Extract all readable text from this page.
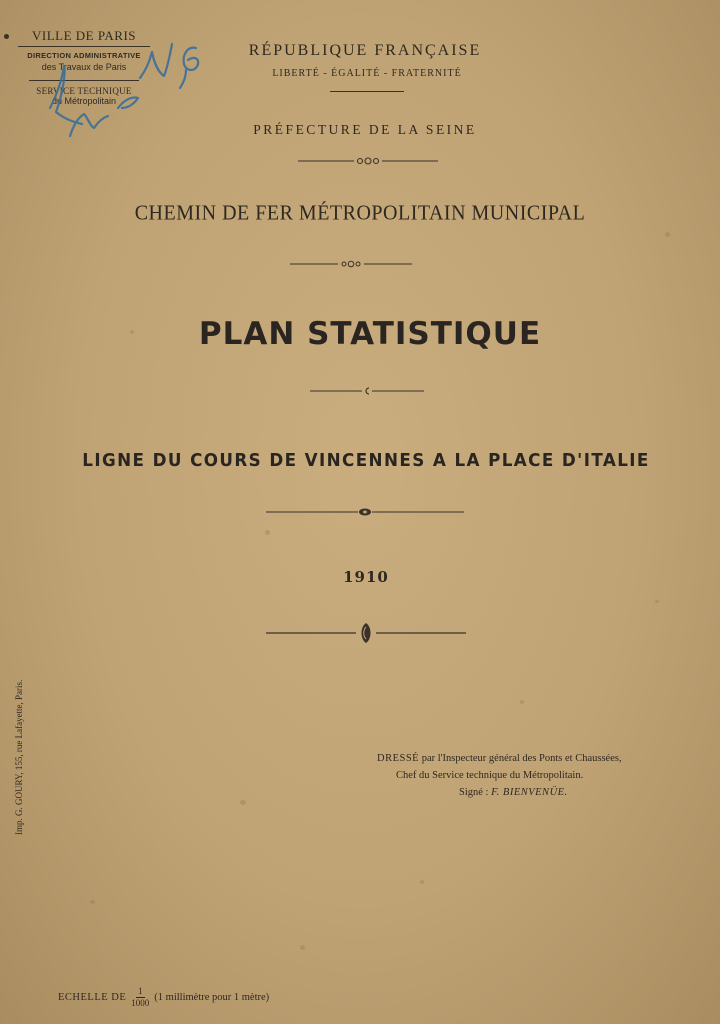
VILLE DE PARIS
DIRECTION ADMINISTRATIVE
des Travaux de Paris
SERVICE TECHNIQUE
du Métropolitain
Ligne n° 6
RÉPUBLIQUE FRANÇAISE
LIBERTÉ - ÉGALITÉ - FRATERNITÉ
PRÉFECTURE DE LA SEINE
CHEMIN DE FER MÉTROPOLITAIN MUNICIPAL
PLAN STATISTIQUE
LIGNE DU COURS DE VINCENNES A LA PLACE D'ITALIE
1910
Imp. G. GOURY, 155, rue Lafayette, Paris.	DRESSÉ par l'Inspecteur général des Ponts et Chaussées,
Chef du Service technique du Métropolitain.
Signé : F. BIENVENÜE.
ECHELLE DE $\frac{1}{1000} (1$ millimètre pour 1 mètre)
